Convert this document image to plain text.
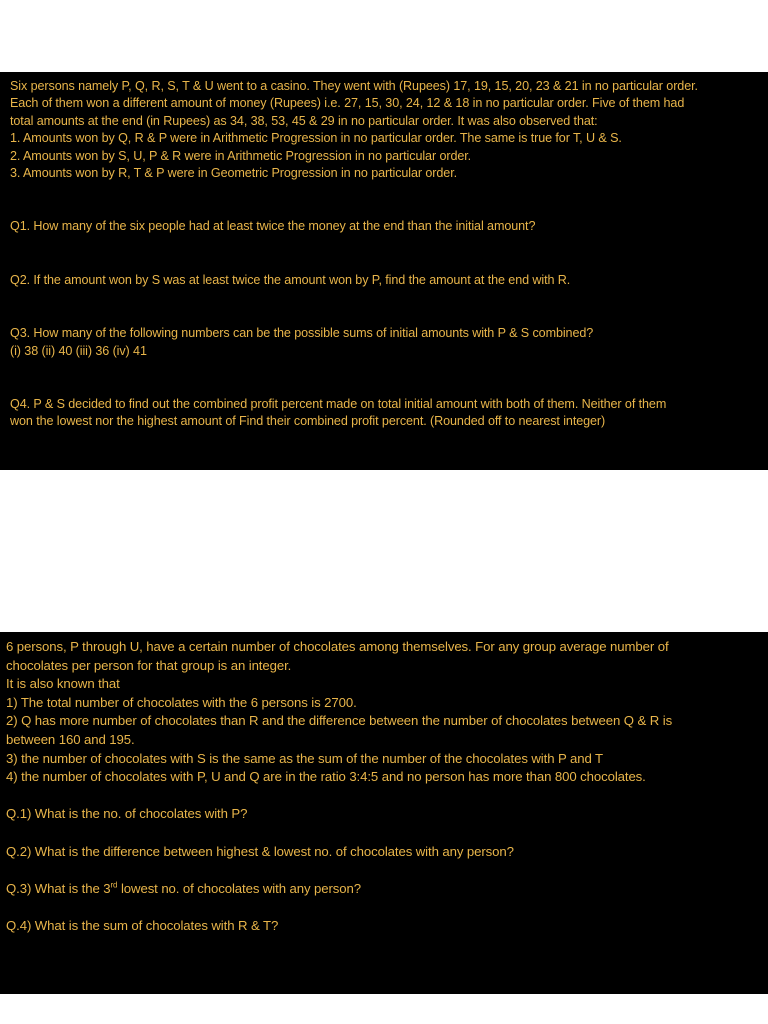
Six persons namely P, Q, R, S, T & U went to a casino. They went with (Rupees) 17, 19, 15, 20, 23 & 21 in no particular order.
Each of them won a different amount of money (Rupees) i.e. 27, 15, 30, 24, 12 & 18 in no particular order. Five of them had
total amounts at the end (in Rupees) as 34, 38, 53, 45 & 29 in no particular order. It was also observed that:
1. Amounts won by Q, R & P were in Arithmetic Progression in no particular order. The same is true for T, U & S.
2. Amounts won by S, U, P & R were in Arithmetic Progression in no particular order.
3. Amounts won by R, T & P were in Geometric Progression in no particular order.
Q1. How many of the six people had at least twice the money at the end than the initial amount?
Q2. If the amount won by S was at least twice the amount won by P, find the amount at the end with R.
Q3. How many of the following numbers can be the possible sums of initial amounts with P & S combined?
(i) 38 (ii) 40 (iii) 36 (iv) 41
Q4. P & S decided to find out the combined profit percent made on total initial amount with both of them. Neither of them
won the lowest nor the highest amount of Find their combined profit percent. (Rounded off to nearest integer)
6 persons, P through U, have a certain number of chocolates among themselves. For any group average number of
chocolates per person for that group is an integer.
It is also known that
1) The total number of chocolates with the 6 persons is 2700.
2) Q has more number of chocolates than R and the difference between the number of chocolates between Q & R is
between 160 and 195.
3) the number of chocolates with S is the same as the sum of the number of the chocolates with P and T
4) the number of chocolates with P, U and Q are in the ratio 3:4:5 and no person has more than 800 chocolates.
Q.1) What is the no. of chocolates with P?
Q.2) What is the difference between highest & lowest no. of chocolates with any person?
Q.3) What is the 3rd lowest no. of chocolates with any person?
Q.4) What is the sum of chocolates with R & T?
